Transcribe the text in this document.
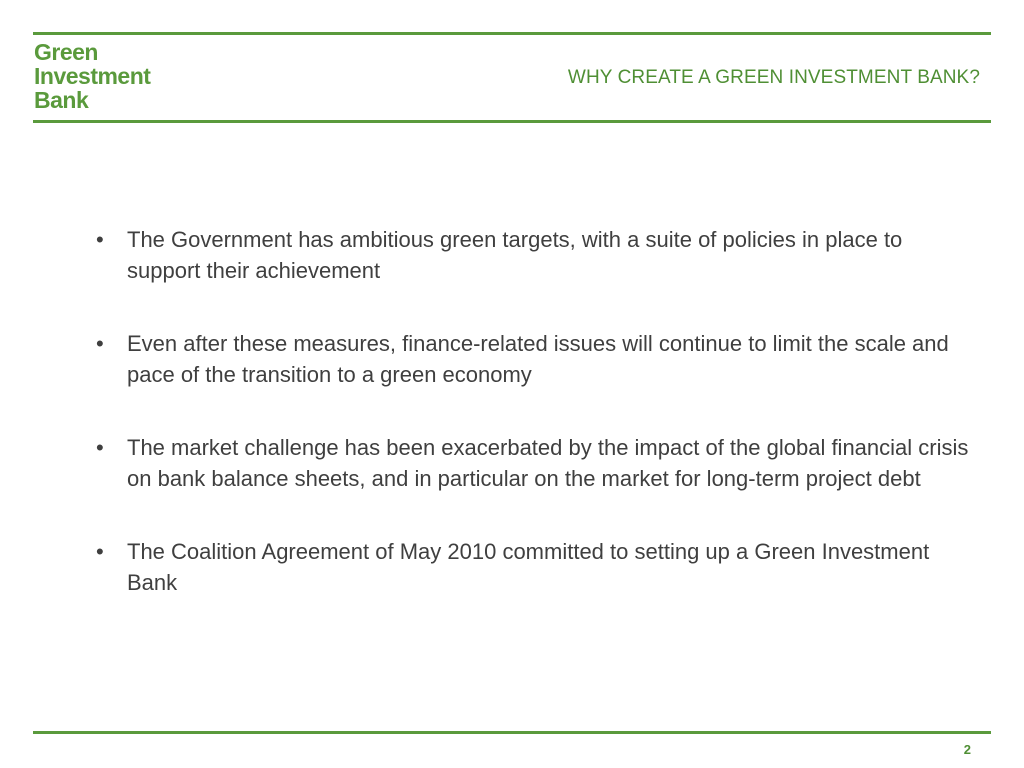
Green
Investment
Bank
WHY CREATE A GREEN INVESTMENT BANK?
• The Government has ambitious green targets, with a suite of policies in place to support their achievement
• Even after these measures, finance-related issues will continue to limit the scale and pace of the transition to a green economy
• The market challenge has been exacerbated by the impact of the global financial crisis on bank balance sheets, and in particular on the market for long-term project debt
• The Coalition Agreement of May 2010 committed to setting up a Green Investment Bank
2
